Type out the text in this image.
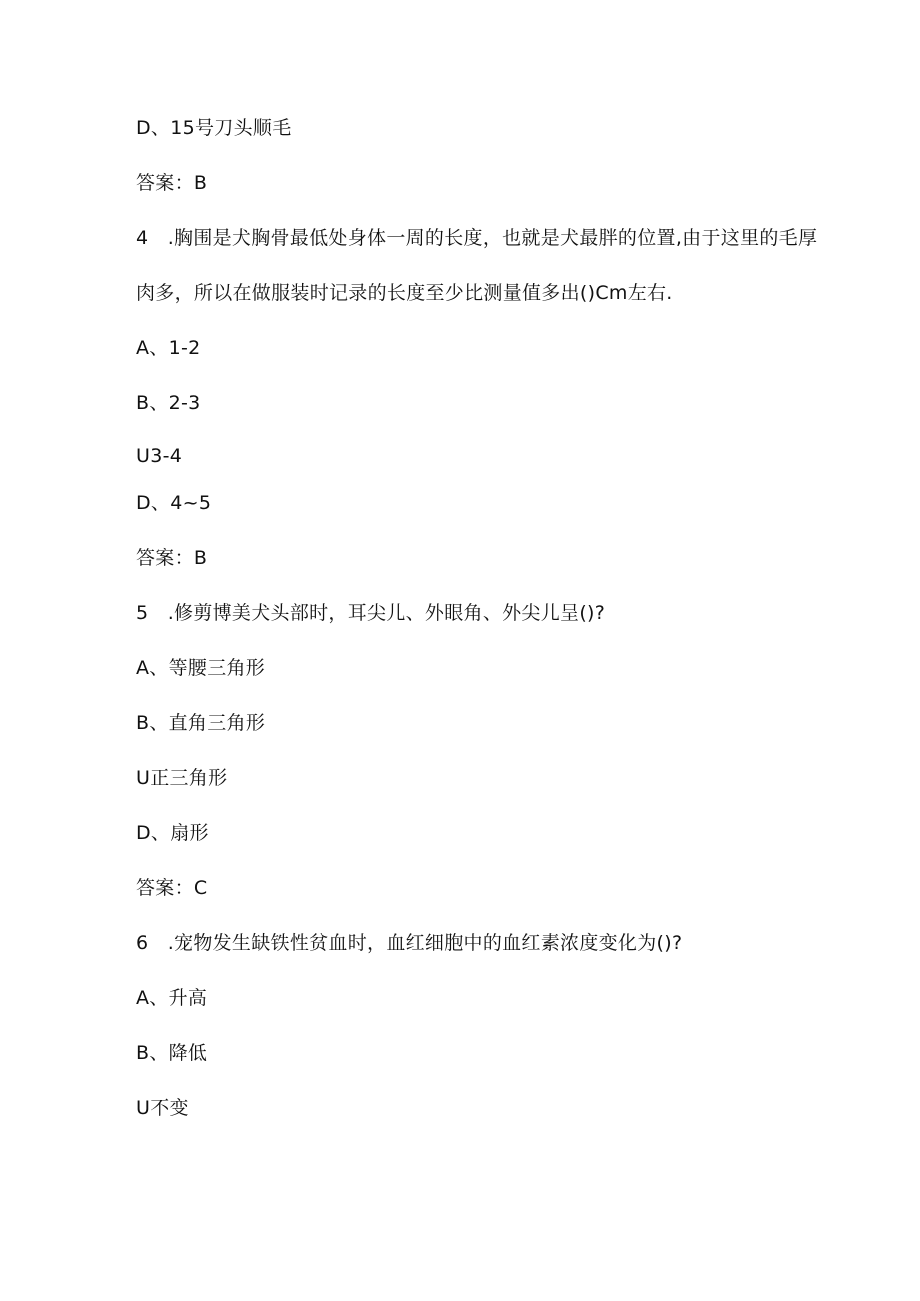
D、15号刀头顺毛
答案：B
4　.胸围是犬胸骨最低处身体一周的长度，也就是犬最胖的位置,由于这里的毛厚
肉多，所以在做服装时记录的长度至少比测量值多出()Cm左右.
A、1-2
B、2-3
U3-4
D、4~5
答案：B
5　.修剪博美犬头部时，耳尖儿、外眼角、外尖儿呈()?
A、等腰三角形
B、直角三角形
U正三角形
D、扇形
答案：C
6　.宠物发生缺铁性贫血时，血红细胞中的血红素浓度变化为()?
A、升高
B、降低
U不变
